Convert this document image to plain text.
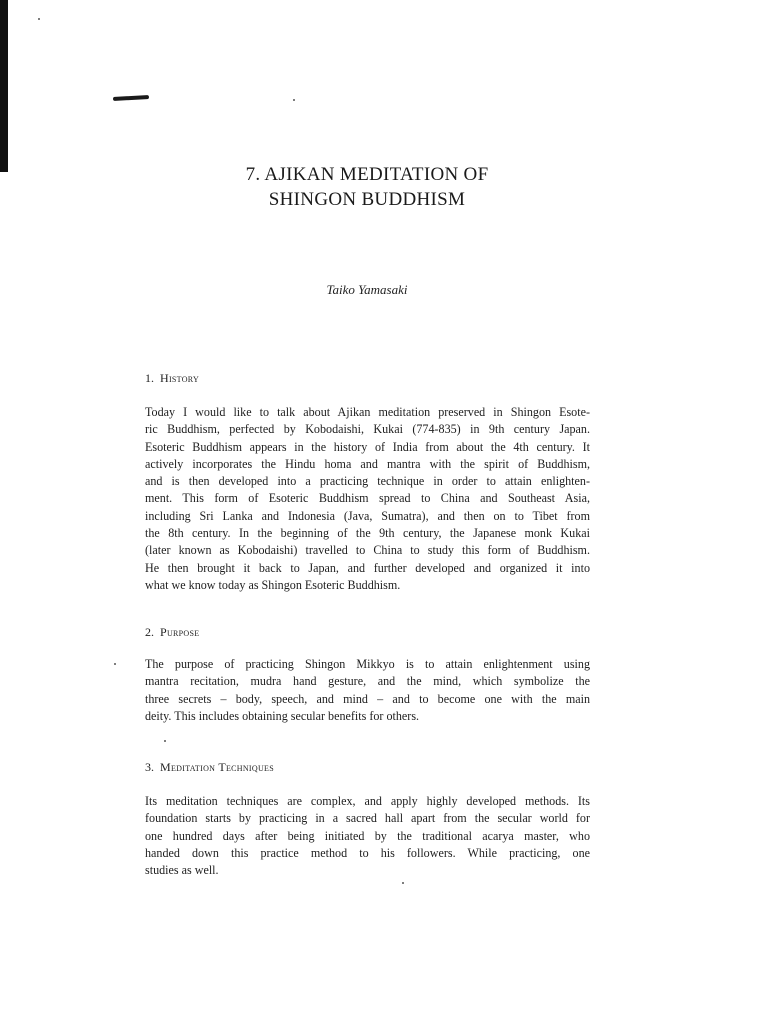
7. AJIKAN MEDITATION OF
SHINGON BUDDHISM
Taiko Yamasaki
1. History
Today I would like to talk about Ajikan meditation preserved in Shingon Esote-
ric Buddhism, perfected by Kobodaishi, Kukai (774-835) in 9th century Japan.
Esoteric Buddhism appears in the history of India from about the 4th century. It
actively incorporates the Hindu homa and mantra with the spirit of Buddhism,
and is then developed into a practicing technique in order to attain enlighten-
ment. This form of Esoteric Buddhism spread to China and Southeast Asia,
including Sri Lanka and Indonesia (Java, Sumatra), and then on to Tibet from
the 8th century. In the beginning of the 9th century, the Japanese monk Kukai
(later known as Kobodaishi) travelled to China to study this form of Buddhism.
He then brought it back to Japan, and further developed and organized it into
what we know today as Shingon Esoteric Buddhism.
2. Purpose
The purpose of practicing Shingon Mikkyo is to attain enlightenment using
mantra recitation, mudra hand gesture, and the mind, which symbolize the
three secrets – body, speech, and mind – and to become one with the main
deity. This includes obtaining secular benefits for others.
3. Meditation Techniques
Its meditation techniques are complex, and apply highly developed methods. Its
foundation starts by practicing in a sacred hall apart from the secular world for
one hundred days after being initiated by the traditional acarya master, who
handed down this practice method to his followers. While practicing, one
studies as well.
